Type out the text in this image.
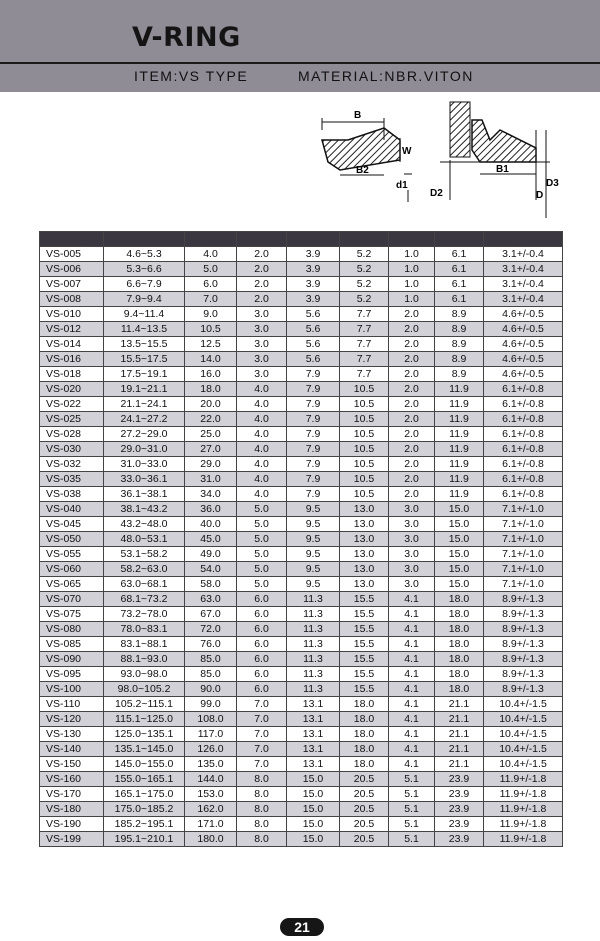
V-RING
ITEM:VS TYPE	MATERIAL:NBR.VITON
B
W
B2
d1
B1
D2
D3
D
PART NO.	D	d1	W	B2	B	D2	D3	B1
VS-005	4.6~5.3	4.0	2.0	3.9	5.2	1.0	6.1	3.1+/-0.4
VS-006	5.3~6.6	5.0	2.0	3.9	5.2	1.0	6.1	3.1+/-0.4
VS-007	6.6~7.9	6.0	2.0	3.9	5.2	1.0	6.1	3.1+/-0.4
VS-008	7.9~9.4	7.0	2.0	3.9	5.2	1.0	6.1	3.1+/-0.4
VS-010	9.4~11.4	9.0	3.0	5.6	7.7	2.0	8.9	4.6+/-0.5
VS-012	11.4~13.5	10.5	3.0	5.6	7.7	2.0	8.9	4.6+/-0.5
VS-014	13.5~15.5	12.5	3.0	5.6	7.7	2.0	8.9	4.6+/-0.5
VS-016	15.5~17.5	14.0	3.0	5.6	7.7	2.0	8.9	4.6+/-0.5
VS-018	17.5~19.1	16.0	3.0	7.9	7.7	2.0	8.9	4.6+/-0.5
VS-020	19.1~21.1	18.0	4.0	7.9	10.5	2.0	11.9	6.1+/-0.8
VS-022	21.1~24.1	20.0	4.0	7.9	10.5	2.0	11.9	6.1+/-0.8
VS-025	24.1~27.2	22.0	4.0	7.9	10.5	2.0	11.9	6.1+/-0.8
VS-028	27.2~29.0	25.0	4.0	7.9	10.5	2.0	11.9	6.1+/-0.8
VS-030	29.0~31.0	27.0	4.0	7.9	10.5	2.0	11.9	6.1+/-0.8
VS-032	31.0~33.0	29.0	4.0	7.9	10.5	2.0	11.9	6.1+/-0.8
VS-035	33.0~36.1	31.0	4.0	7.9	10.5	2.0	11.9	6.1+/-0.8
VS-038	36.1~38.1	34.0	4.0	7.9	10.5	2.0	11.9	6.1+/-0.8
VS-040	38.1~43.2	36.0	5.0	9.5	13.0	3.0	15.0	7.1+/-1.0
VS-045	43.2~48.0	40.0	5.0	9.5	13.0	3.0	15.0	7.1+/-1.0
VS-050	48.0~53.1	45.0	5.0	9.5	13.0	3.0	15.0	7.1+/-1.0
VS-055	53.1~58.2	49.0	5.0	9.5	13.0	3.0	15.0	7.1+/-1.0
VS-060	58.2~63.0	54.0	5.0	9.5	13.0	3.0	15.0	7.1+/-1.0
VS-065	63.0~68.1	58.0	5.0	9.5	13.0	3.0	15.0	7.1+/-1.0
VS-070	68.1~73.2	63.0	6.0	11.3	15.5	4.1	18.0	8.9+/-1.3
VS-075	73.2~78.0	67.0	6.0	11.3	15.5	4.1	18.0	8.9+/-1.3
VS-080	78.0~83.1	72.0	6.0	11.3	15.5	4.1	18.0	8.9+/-1.3
VS-085	83.1~88.1	76.0	6.0	11.3	15.5	4.1	18.0	8.9+/-1.3
VS-090	88.1~93.0	85.0	6.0	11.3	15.5	4.1	18.0	8.9+/-1.3
VS-095	93.0~98.0	85.0	6.0	11.3	15.5	4.1	18.0	8.9+/-1.3
VS-100	98.0~105.2	90.0	6.0	11.3	15.5	4.1	18.0	8.9+/-1.3
VS-110	105.2~115.1	99.0	7.0	13.1	18.0	4.1	21.1	10.4+/-1.5
VS-120	115.1~125.0	108.0	7.0	13.1	18.0	4.1	21.1	10.4+/-1.5
VS-130	125.0~135.1	117.0	7.0	13.1	18.0	4.1	21.1	10.4+/-1.5
VS-140	135.1~145.0	126.0	7.0	13.1	18.0	4.1	21.1	10.4+/-1.5
VS-150	145.0~155.0	135.0	7.0	13.1	18.0	4.1	21.1	10.4+/-1.5
VS-160	155.0~165.1	144.0	8.0	15.0	20.5	5.1	23.9	11.9+/-1.8
VS-170	165.1~175.0	153.0	8.0	15.0	20.5	5.1	23.9	11.9+/-1.8
VS-180	175.0~185.2	162.0	8.0	15.0	20.5	5.1	23.9	11.9+/-1.8
VS-190	185.2~195.1	171.0	8.0	15.0	20.5	5.1	23.9	11.9+/-1.8
VS-199	195.1~210.1	180.0	8.0	15.0	20.5	5.1	23.9	11.9+/-1.8
21
